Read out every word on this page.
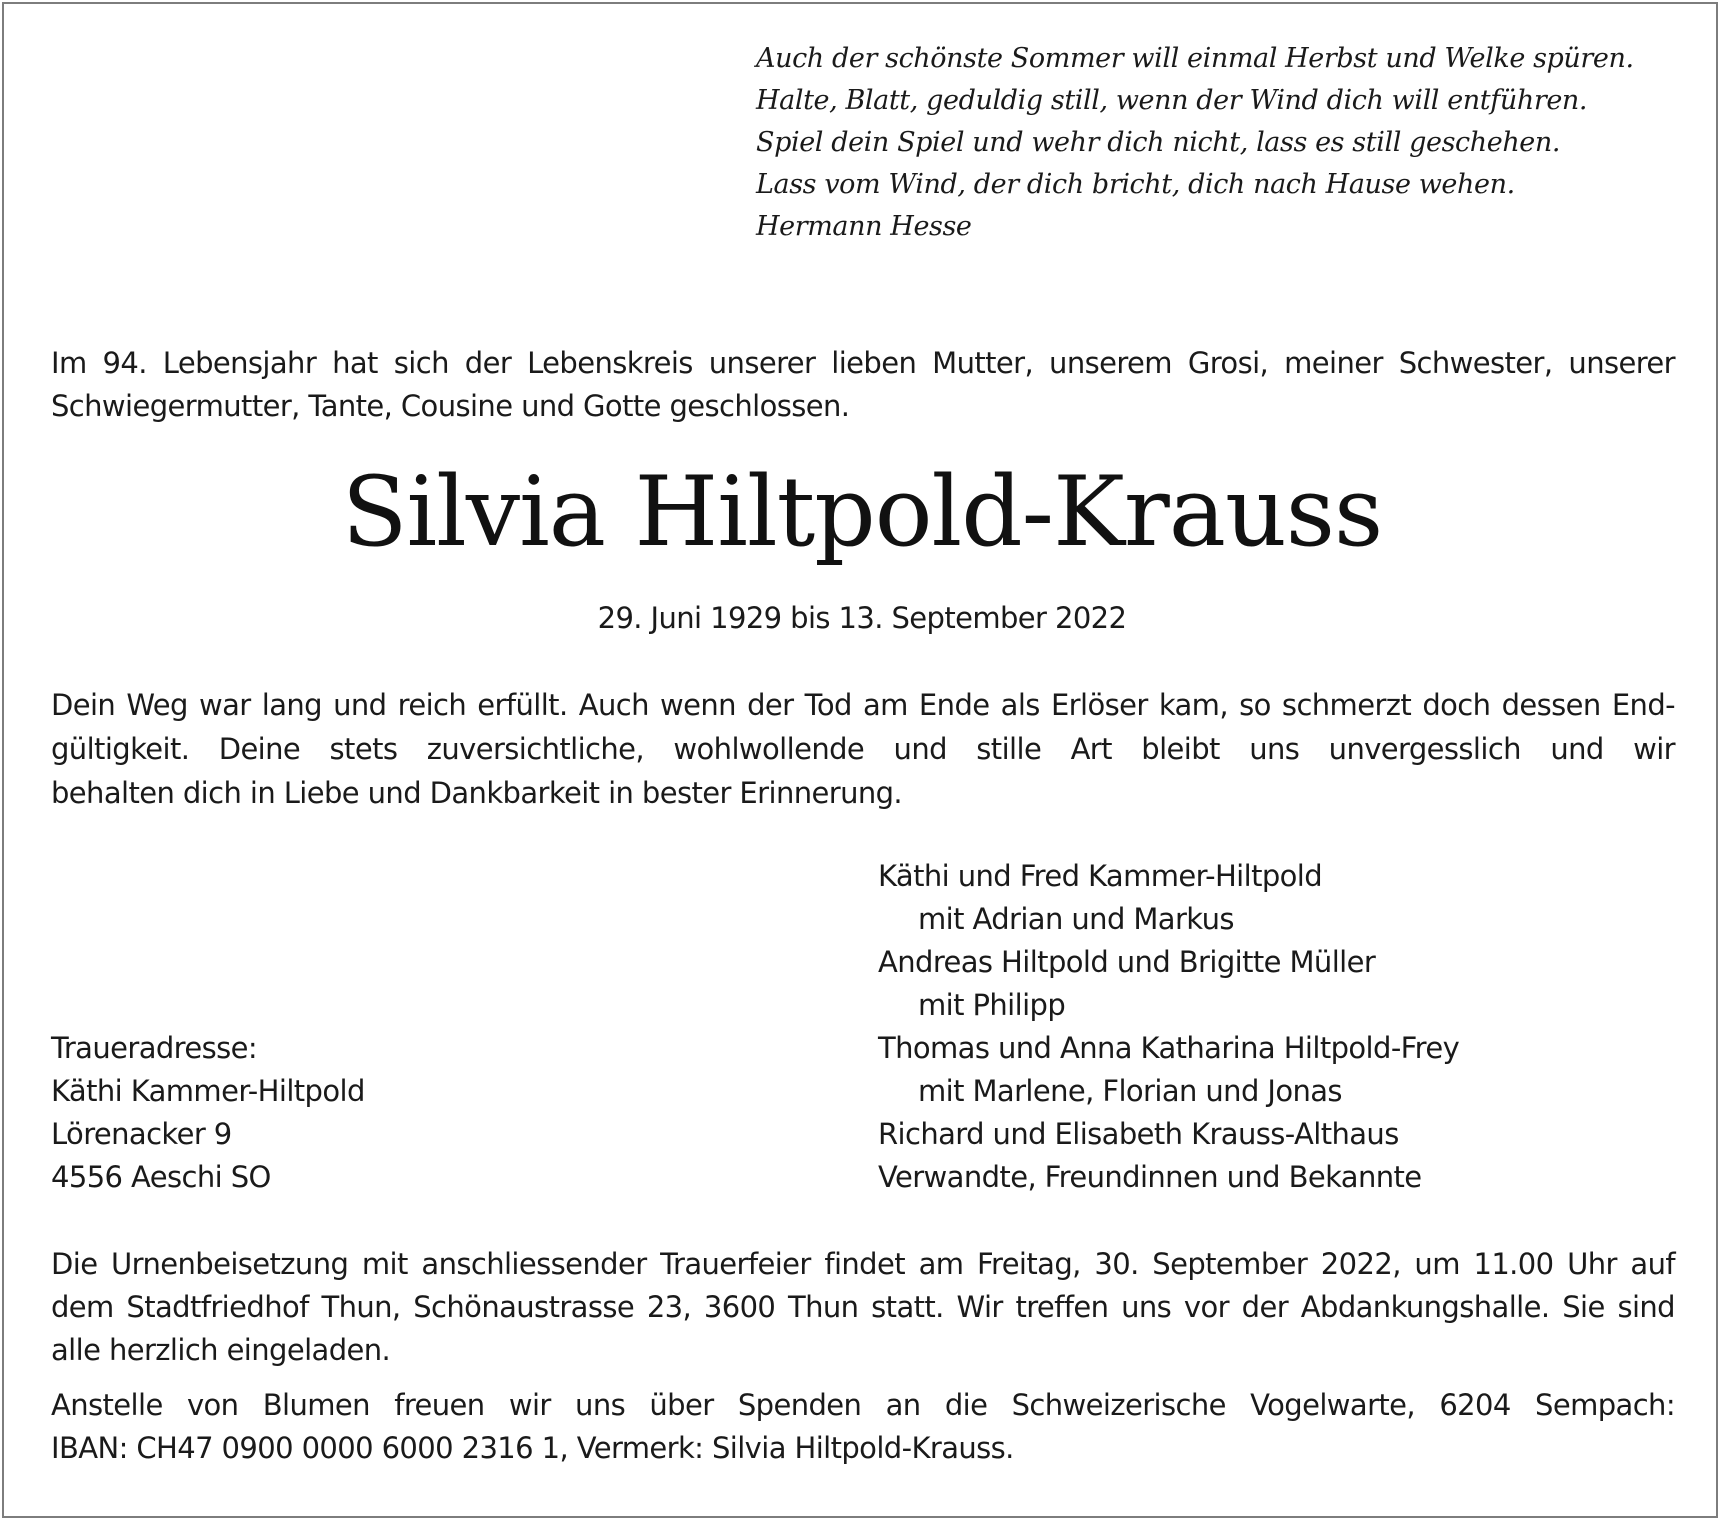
Auch der schönste Sommer will einmal Herbst und Welke spüren.
Halte, Blatt, geduldig still, wenn der Wind dich will entführen.
Spiel dein Spiel und wehr dich nicht, lass es still geschehen.
Lass vom Wind, der dich bricht, dich nach Hause wehen.
Hermann Hesse
Im 94. Lebensjahr hat sich der Lebenskreis unserer lieben Mutter, unserem Grosi, meiner Schwester, unserer
Schwiegermutter, Tante, Cousine und Gotte geschlossen.
Silvia Hiltpold-Krauss
29. Juni 1929 bis 13. September 2022
Dein Weg war lang und reich erfüllt. Auch wenn der Tod am Ende als Erlöser kam, so schmerzt doch dessen End-
gültigkeit. Deine stets zuversichtliche, wohlwollende und stille Art bleibt uns unvergesslich und wir
behalten dich in Liebe und Dankbarkeit in bester Erinnerung.
Käthi und Fred Kammer-Hiltpold
mit Adrian und Markus
Andreas Hiltpold und Brigitte Müller
mit Philipp
Thomas und Anna Katharina Hiltpold-Frey
mit Marlene, Florian und Jonas
Richard und Elisabeth Krauss-Althaus
Verwandte, Freundinnen und Bekannte
Traueradresse:
Käthi Kammer-Hiltpold
Lörenacker 9
4556 Aeschi SO
Die Urnenbeisetzung mit anschliessender Trauerfeier findet am Freitag, 30. September 2022, um 11.00 Uhr auf
dem Stadtfriedhof Thun, Schönaustrasse 23, 3600 Thun statt. Wir treffen uns vor der Abdankungshalle. Sie sind
alle herzlich eingeladen.
Anstelle von Blumen freuen wir uns über Spenden an die Schweizerische Vogelwarte, 6204 Sempach:
IBAN: CH47 0900 0000 6000 2316 1, Vermerk: Silvia Hiltpold-Krauss.
